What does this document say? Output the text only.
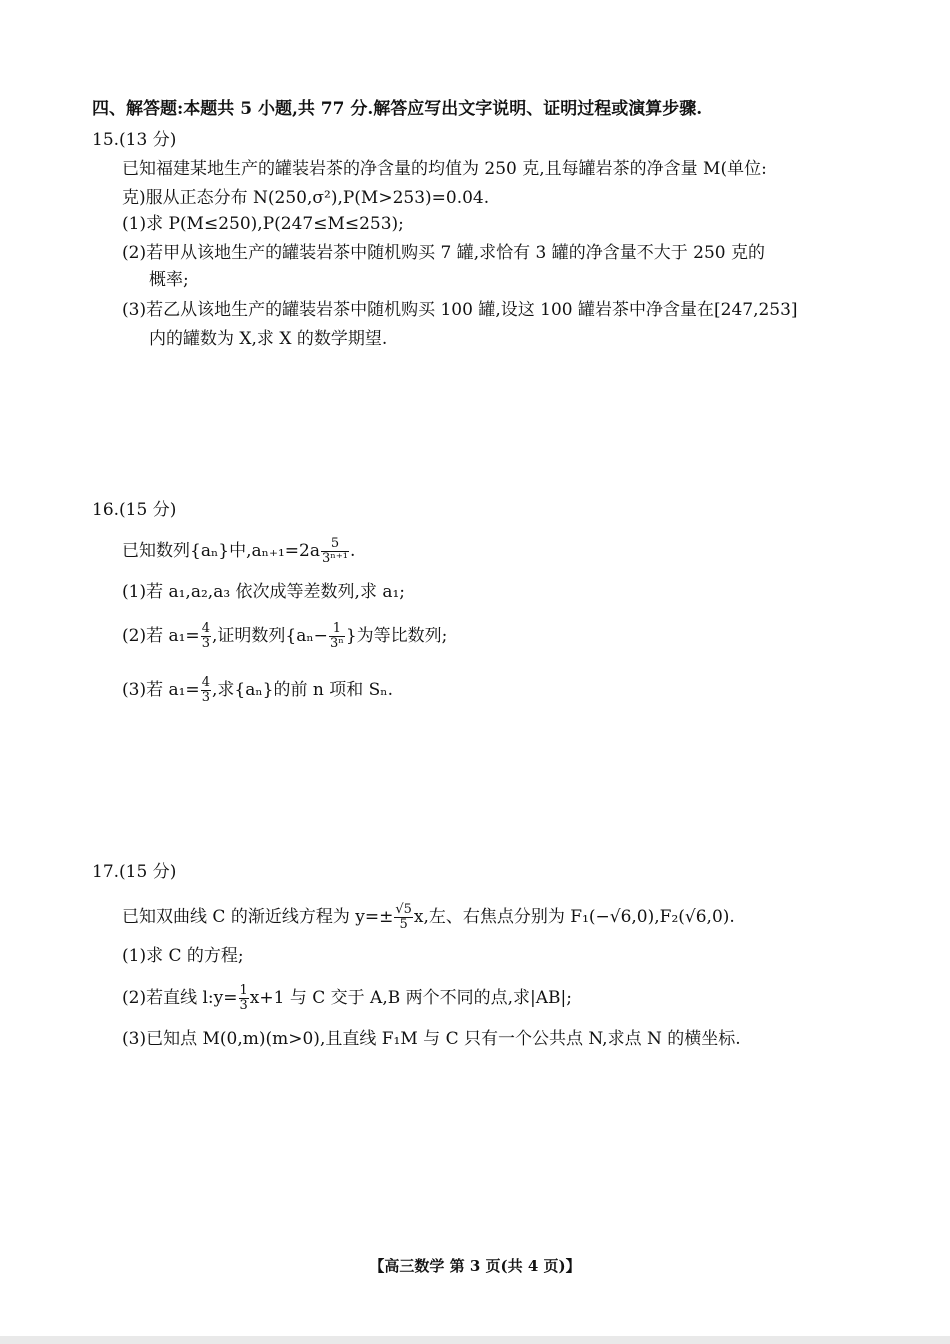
四、解答题:本题共 5 小题,共 77 分.解答应写出文字说明、证明过程或演算步骤.
15.(13 分)
已知福建某地生产的罐装岩茶的净含量的均值为 250 克,且每罐岩茶的净含量 M(单位:
克)服从正态分布 N(250,σ²),P(M>253)=0.04.
(1)求 P(M≤250),P(247≤M≤253);
(2)若甲从该地生产的罐装岩茶中随机购买 7 罐,求恰有 3 罐的净含量不大于 250 克的
概率;
(3)若乙从该地生产的罐装岩茶中随机购买 100 罐,设这 100 罐岩茶中净含量在[247,253]
内的罐数为 X,求 X 的数学期望.
16.(15 分)
已知数列{aₙ}中$,a_{n+1}=2a \frac{5}{\text{3ⁿ⁺¹}}$ .
(1)若 a₁,a₂,a₃ 依次成等差数列,求 a₁;
(2)若 $a_1= \frac{4}{3}$ ,证明数列{$a_n- \frac{1}{\text{3ⁿ}}$ }为等比数列;
(3)若 $a_1= \frac{4}{3}$ ,求{aₙ}的前 n 项和 Sₙ.
17.(15 分)
已知双曲线 C 的渐近线方程为 $y=\pm \frac{√5}{5} x$,左、右焦点分别为 F₁(−√6,0),F₂(√6,0).
(1)求 C 的方程;
(2)若直线 l:y= $\frac{1}{3} x+1$ 与 C 交于 A,B 两个不同的点,求|AB|;
(3)已知点 M(0,m)(m>0),且直线 F₁M 与 C 只有一个公共点 N,求点 N 的横坐标.
【高三数学 第 3 页(共 4 页)】
